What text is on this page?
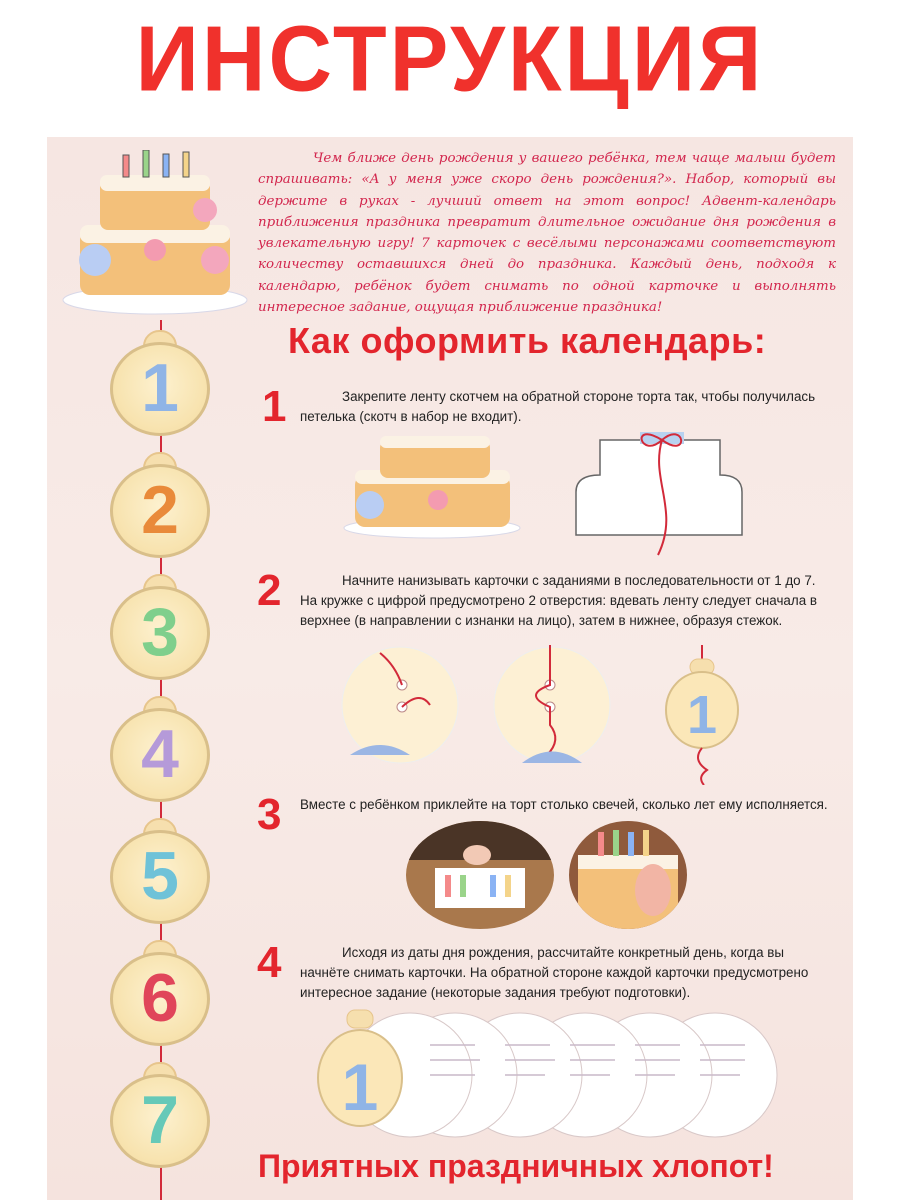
ИНСТРУКЦИЯ
Чем ближе день рождения у вашего ребёнка, тем чаще малыш будет спрашивать: «А у меня уже скоро день рождения?». Набор, который вы держите в руках - лучший ответ на этот вопрос! Адвент-календарь приближения праздника превратит длительное ожидание дня рождения в увлекательную игру! 7 карточек с весёлыми персонажами соответствуют количеству оставшихся дней до праздника. Каждый день, подходя к календарю, ребёнок будет снимать по одной карточке и выполнять интересное задание, ощущая приближение праздника!
Как оформить календарь:
1
2
3
4
5
6
7
1	Закрепите ленту скотчем на обратной стороне торта так, чтобы получилась петелька (скотч в набор не входит).
2	Начните нанизывать карточки с заданиями в последовательности от 1 до 7. На кружке с цифрой предусмотрено 2 отверстия: вдевать ленту следует сначала в верхнее (в направлении с изнанки на лицо), затем в нижнее, образуя стежок.
1
3 Вместе с ребёнком приклейте на торт столько свечей, сколько лет ему исполняется.
4	Исходя из даты дня рождения, рассчитайте конкретный день, когда вы начнёте снимать карточки. На обратной стороне каждой карточки предусмотрено интересное задание (некоторые задания требуют подготовки).
1
Приятных праздничных хлопот!
